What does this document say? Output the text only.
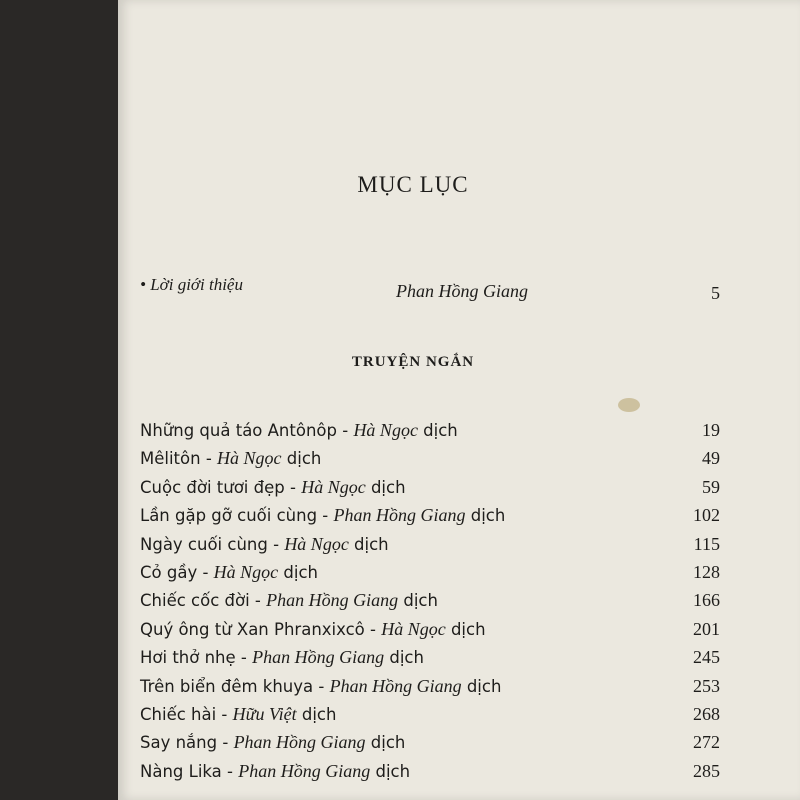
MỤC LỤC
• Lời giới thiệu	Phan Hồng Giang	5
TRUYỆN NGẮN
Những quả táo Antônôp - Hà Ngọc dịch	19
Mêlitôn - Hà Ngọc dịch	49
Cuộc đời tươi đẹp - Hà Ngọc dịch	59
Lần gặp gỡ cuối cùng - Phan Hồng Giang dịch	102
Ngày cuối cùng - Hà Ngọc dịch	115
Cỏ gầy - Hà Ngọc dịch	128
Chiếc cốc đời - Phan Hồng Giang dịch	166
Quý ông từ Xan Phranxixcô - Hà Ngọc dịch	201
Hơi thở nhẹ - Phan Hồng Giang dịch	245
Trên biển đêm khuya - Phan Hồng Giang dịch	253
Chiếc hài - Hữu Việt dịch	268
Say nắng - Phan Hồng Giang dịch	272
Nàng Lika - Phan Hồng Giang dịch	285
